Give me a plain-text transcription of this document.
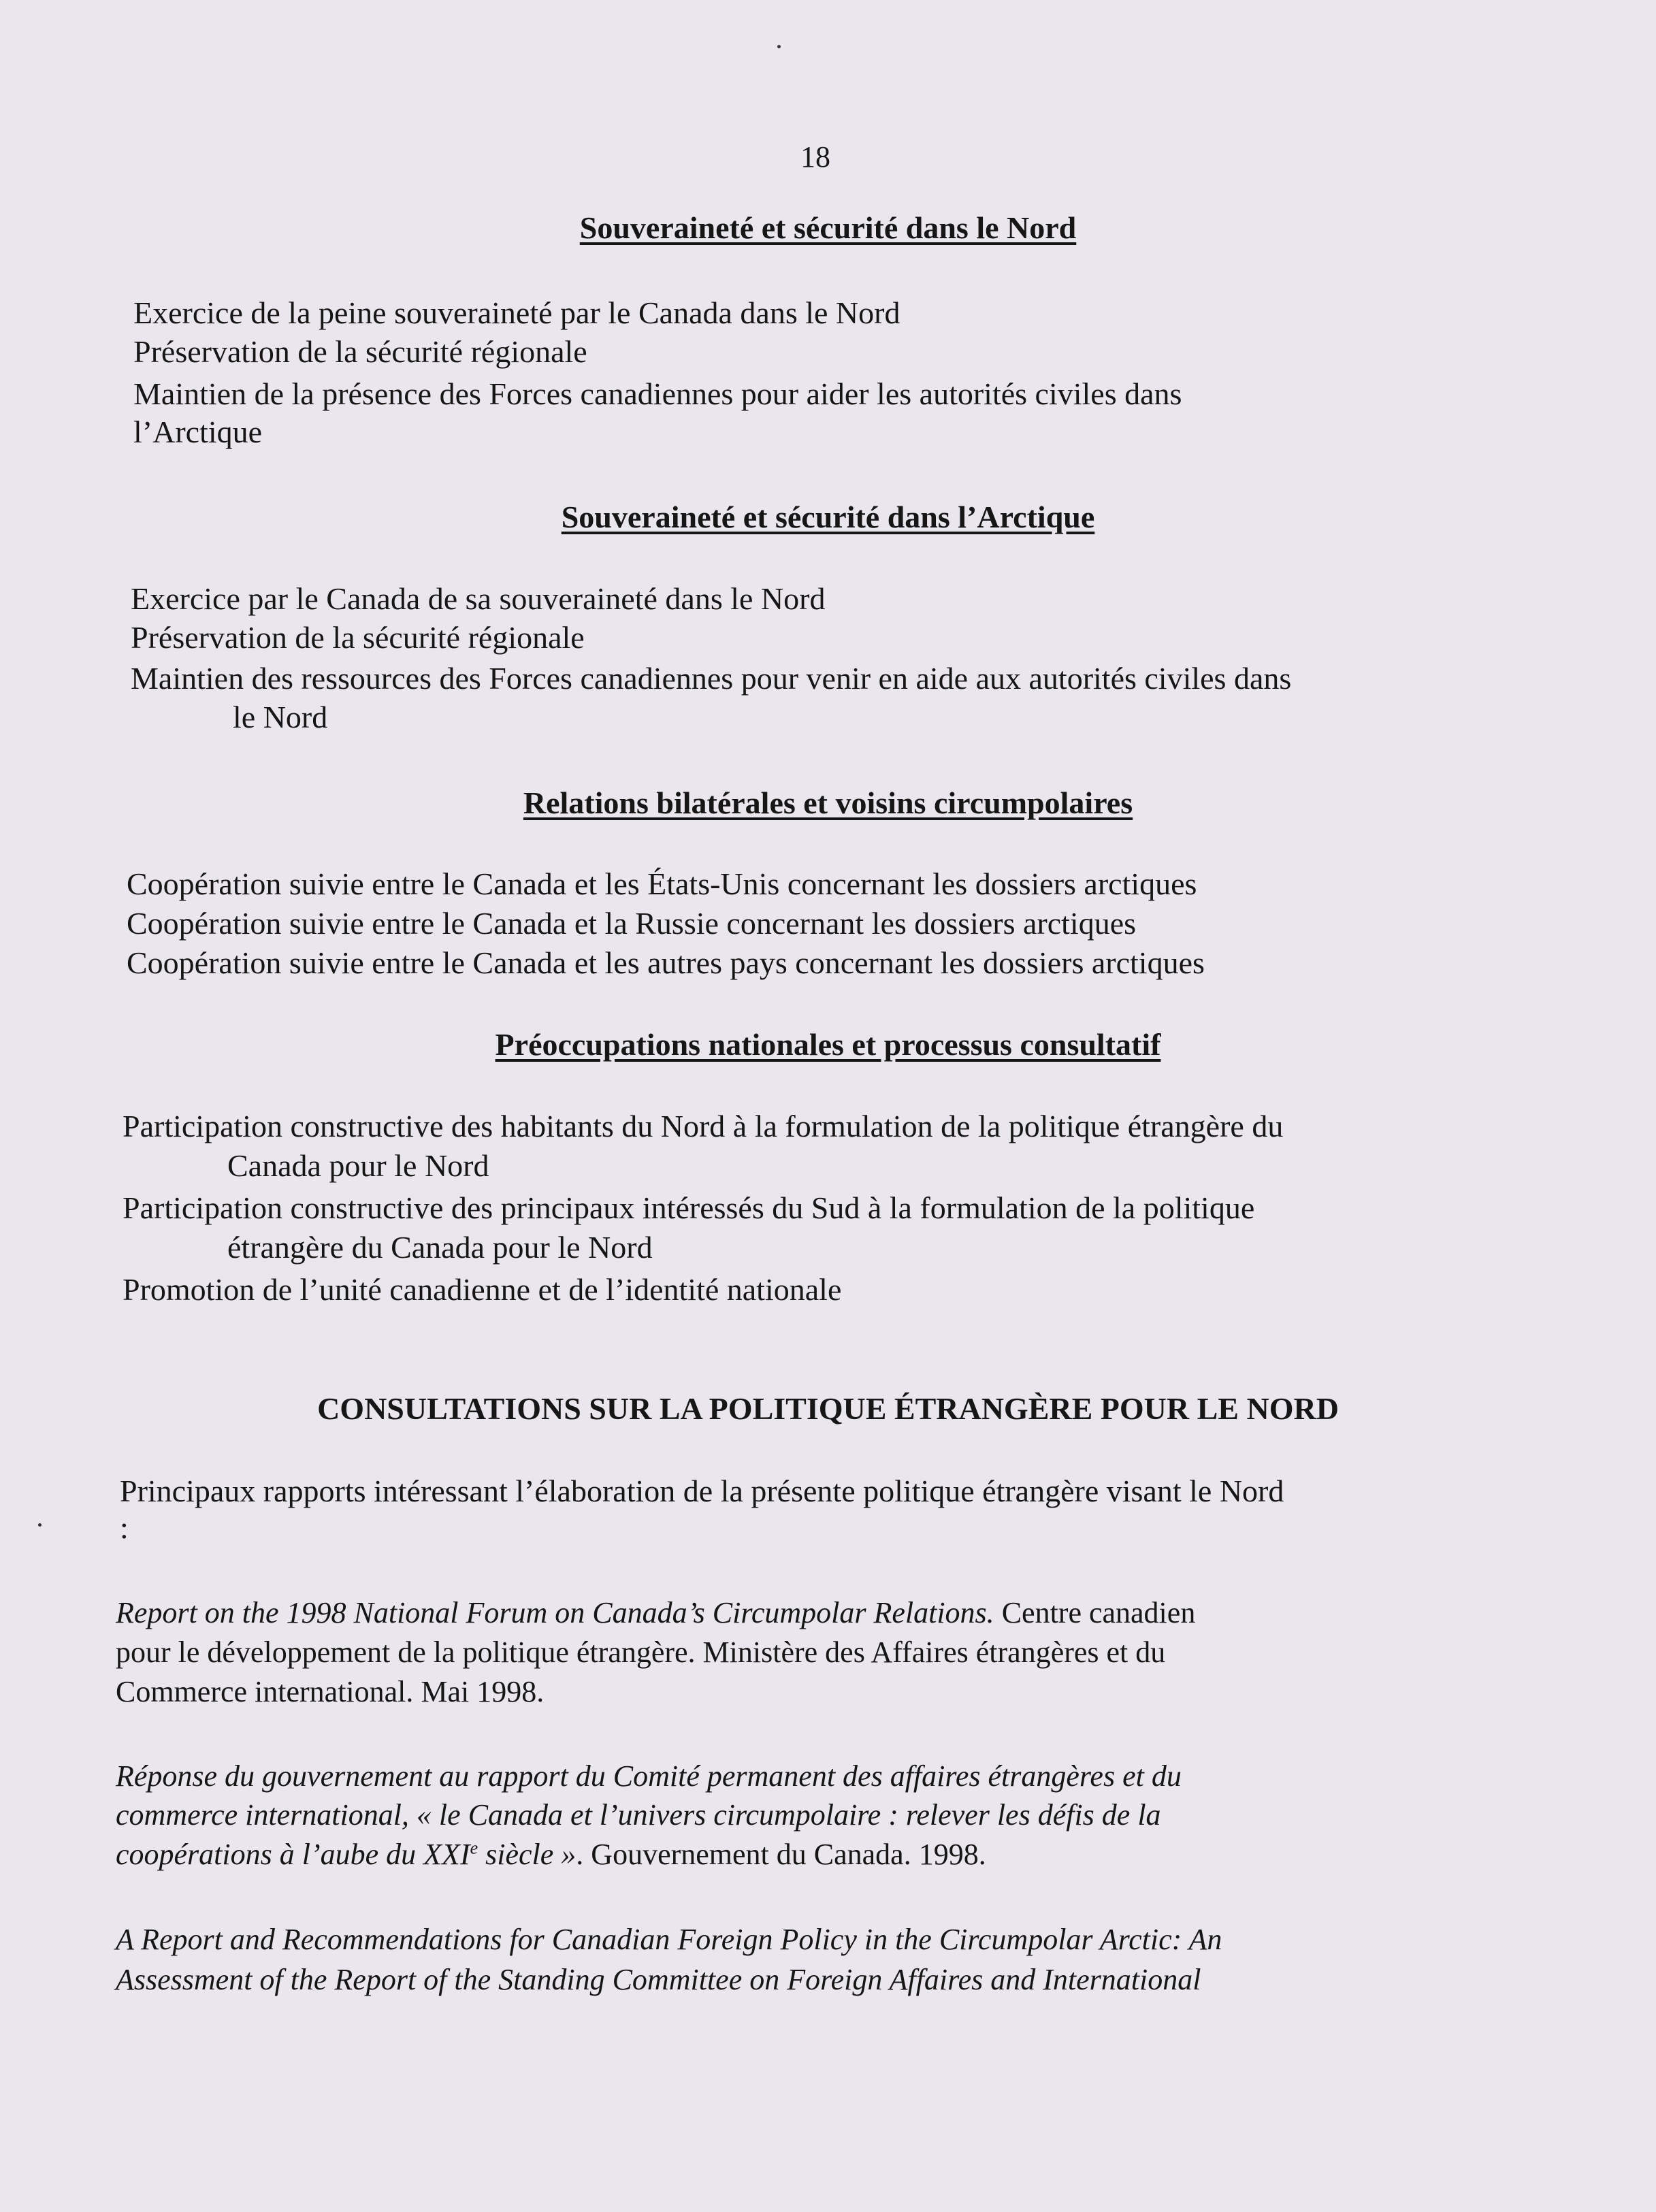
18
Souveraineté et sécurité dans le Nord
Exercice de la peine souveraineté par le Canada dans le Nord
Préservation de la sécurité régionale
Maintien de la présence des Forces canadiennes pour aider les autorités civiles dans
l’Arctique
Souveraineté et sécurité dans l’Arctique
Exercice par le Canada de sa souveraineté dans le Nord
Préservation de la sécurité régionale
Maintien des ressources des Forces canadiennes pour venir en aide aux autorités civiles dans
le Nord
Relations bilatérales et voisins circumpolaires
Coopération suivie entre le Canada et les États-Unis concernant les dossiers arctiques
Coopération suivie entre le Canada et la Russie concernant les dossiers arctiques
Coopération suivie entre le Canada et les autres pays concernant les dossiers arctiques
Préoccupations nationales et processus consultatif
Participation constructive des habitants du Nord à la formulation de la politique étrangère du
Canada pour le Nord
Participation constructive des principaux intéressés du Sud à la formulation de la politique
étrangère du Canada pour le Nord
Promotion de l’unité canadienne et de l’identité nationale
CONSULTATIONS SUR LA POLITIQUE ÉTRANGÈRE POUR LE NORD
Principaux rapports intéressant l’élaboration de la présente politique étrangère visant le Nord
:
Report on the 1998 National Forum on Canada’s Circumpolar Relations. Centre canadien
pour le développement de la politique étrangère. Ministère des Affaires étrangères et du
Commerce international. Mai 1998.
Réponse du gouvernement au rapport du Comité permanent des affaires étrangères et du
commerce international, « le Canada et l’univers circumpolaire : relever les défis de la
coopérations à l’aube du XXIe siècle ». Gouvernement du Canada. 1998.
A Report and Recommendations for Canadian Foreign Policy in the Circumpolar Arctic: An
Assessment of the Report of the Standing Committee on Foreign Affaires and International
